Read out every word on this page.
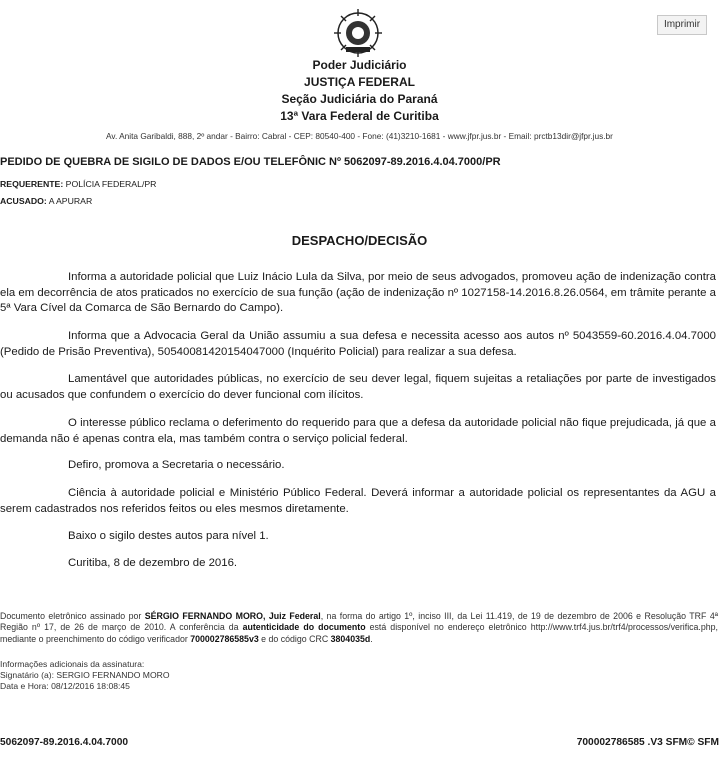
Imprimir
Poder Judiciário
JUSTIÇA FEDERAL
Seção Judiciária do Paraná
13ª Vara Federal de Curitiba
Av. Anita Garibaldi, 888, 2º andar - Bairro: Cabral - CEP: 80540-400 - Fone: (41)3210-1681 - www.jfpr.jus.br - Email: prctb13dir@jfpr.jus.br
PEDIDO DE QUEBRA DE SIGILO DE DADOS E/OU TELEFÔNIC Nº 5062097-89.2016.4.04.7000/PR
REQUERENTE: POLÍCIA FEDERAL/PR
ACUSADO: A APURAR
DESPACHO/DECISÃO
Informa a autoridade policial que Luiz Inácio Lula da Silva, por meio de seus advogados, promoveu ação de indenização contra ela em decorrência de atos praticados no exercício de sua função (ação de indenização nº 1027158-14.2016.8.26.0564, em trâmite perante a 5ª Vara Cível da Comarca de São Bernardo do Campo).
Informa que a Advocacia Geral da União assumiu a sua defesa e necessita acesso aos autos nº 5043559-60.2016.4.04.7000 (Pedido de Prisão Preventiva), 50540081420154047000 (Inquérito Policial) para realizar a sua defesa.
Lamentável que autoridades públicas, no exercício de seu dever legal, fiquem sujeitas a retaliações por parte de investigados ou acusados que confundem o exercício do dever funcional com ilícitos.
O interesse público reclama o deferimento do requerido para que a defesa da autoridade policial não fique prejudicada, já que a demanda não é apenas contra ela, mas também contra o serviço policial federal.
Defiro, promova a Secretaria o necessário.
Ciência à autoridade policial e Ministério Público Federal. Deverá informar a autoridade policial os representantes da AGU a serem cadastrados nos referidos feitos ou eles mesmos diretamente.
Baixo o sigilo destes autos para nível 1.
Curitiba, 8 de dezembro de 2016.
Documento eletrônico assinado por SÉRGIO FERNANDO MORO, Juiz Federal, na forma do artigo 1º, inciso III, da Lei 11.419, de 19 de dezembro de 2006 e Resolução TRF 4ª Região nº 17, de 26 de março de 2010. A conferência da autenticidade do documento está disponível no endereço eletrônico http://www.trf4.jus.br/trf4/processos/verifica.php, mediante o preenchimento do código verificador 700002786585v3 e do código CRC 3804035d.
Informações adicionais da assinatura:
Signatário (a): SERGIO FERNANDO MORO
Data e Hora: 08/12/2016 18:08:45
5062097-89.2016.4.04.7000	700002786585 .V3 SFM© SFM
